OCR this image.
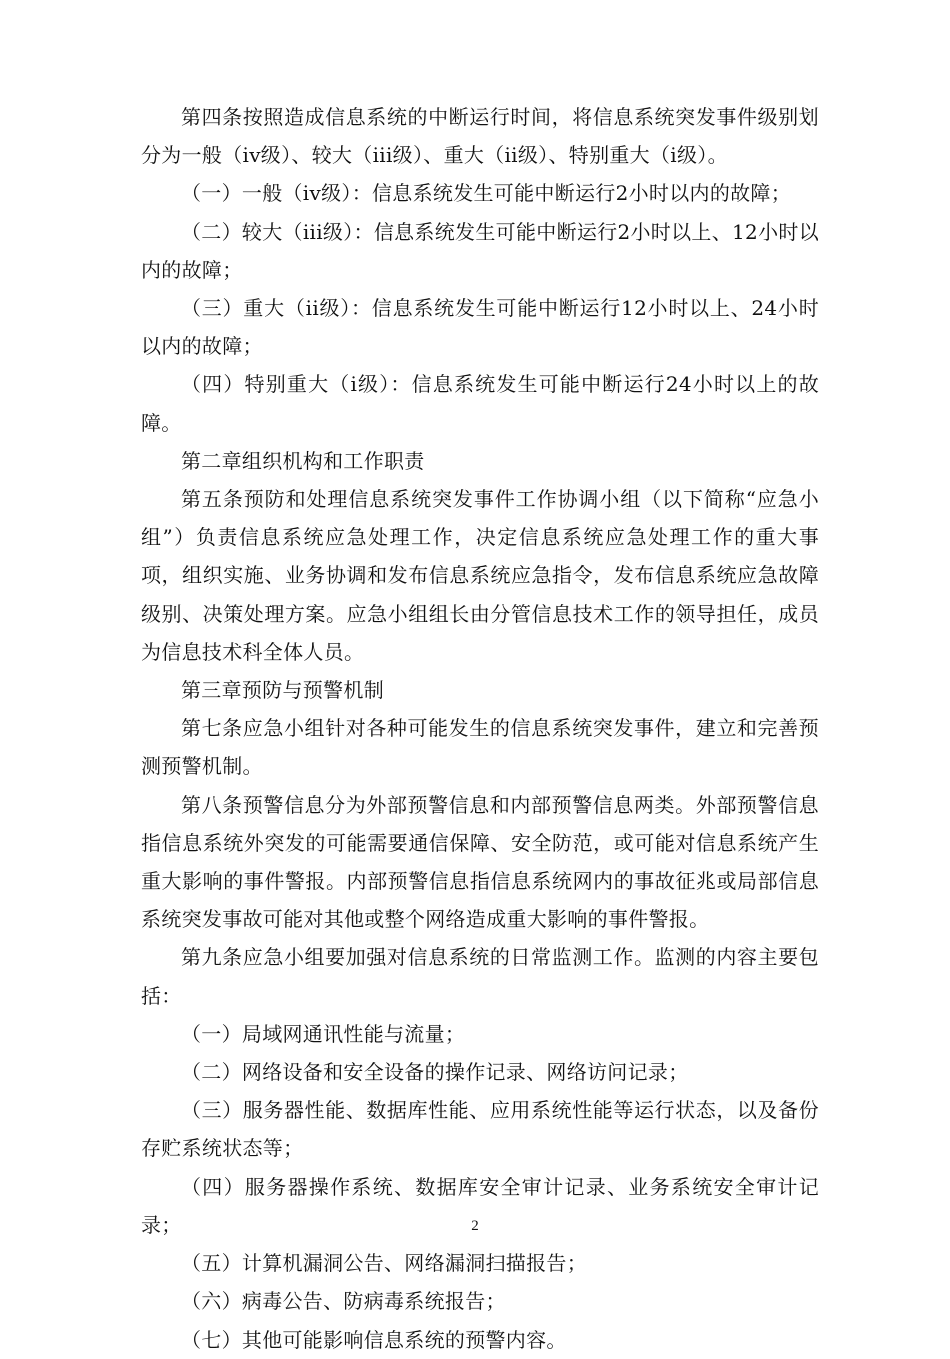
第四条按照造成信息系统的中断运行时间，将信息系统突发事件级别划分为一般（iv级）、较大（iii级）、重大（ii级）、特别重大（i级）。

（一）一般（iv级）：信息系统发生可能中断运行2小时以内的故障；

（二）较大（iii级）：信息系统发生可能中断运行2小时以上、12小时以内的故障；

（三）重大（ii级）：信息系统发生可能中断运行12小时以上、24小时以内的故障；

（四）特别重大（i级）：信息系统发生可能中断运行24小时以上的故障。

第二章组织机构和工作职责

第五条预防和处理信息系统突发事件工作协调小组（以下简称“应急小组”）负责信息系统应急处理工作，决定信息系统应急处理工作的重大事项，组织实施、业务协调和发布信息系统应急指令，发布信息系统应急故障级别、决策处理方案。应急小组组长由分管信息技术工作的领导担任，成员为信息技术科全体人员。

第三章预防与预警机制

第七条应急小组针对各种可能发生的信息系统突发事件，建立和完善预测预警机制。

第八条预警信息分为外部预警信息和内部预警信息两类。外部预警信息指信息系统外突发的可能需要通信保障、安全防范，或可能对信息系统产生重大影响的事件警报。内部预警信息指信息系统网内的事故征兆或局部信息系统突发事故可能对其他或整个网络造成重大影响的事件警报。

第九条应急小组要加强对信息系统的日常监测工作。监测的内容主要包括：

（一）局域网通讯性能与流量；

（二）网络设备和安全设备的操作记录、网络访问记录；

（三）服务器性能、数据库性能、应用系统性能等运行状态，以及备份存贮系统状态等；

（四）服务器操作系统、数据库安全审计记录、业务系统安全审计记录；

（五）计算机漏洞公告、网络漏洞扫描报告；

（六）病毒公告、防病毒系统报告；

（七）其他可能影响信息系统的预警内容。

2
